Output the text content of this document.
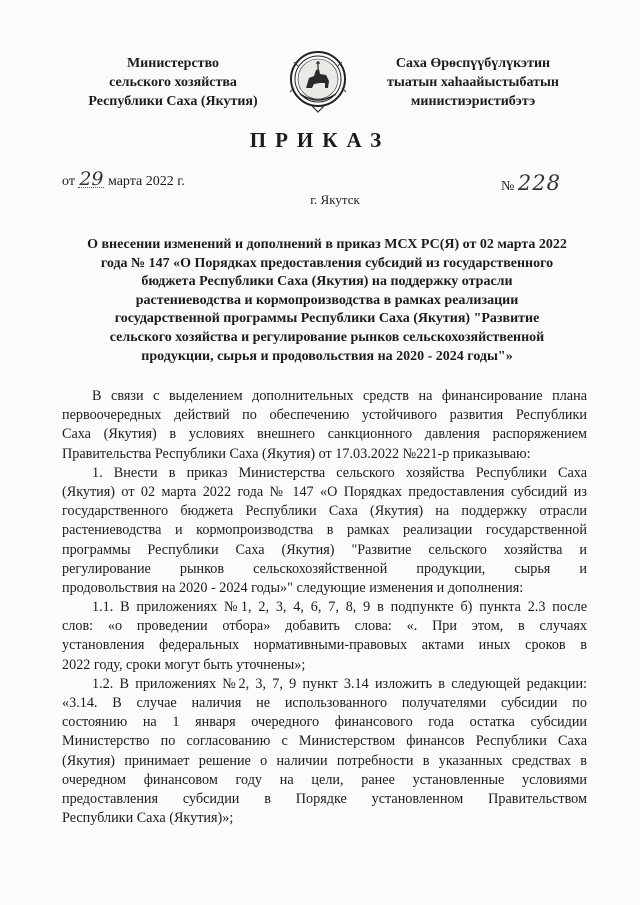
Министерство
сельского хозяйства
Республики Саха (Якутия)
Саха Өрөспүүбүлүкэтин
тыатын хаһаайыстыбатын
министиэристибэтэ
ПРИКАЗ
от 29 марта 2022 г.	№ 228
г. Якутск
О внесении изменений и дополнений в приказ МСХ РС(Я) от 02 марта 2022
года № 147 «О Порядках предоставления субсидий из государственного
бюджета Республики Саха (Якутия) на поддержку отрасли
растениеводства и кормопроизводства в рамках реализации
государственной программы Республики Саха (Якутия) "Развитие
сельского хозяйства и регулирование рынков сельскохозяйственной
продукции, сырья и продовольствия на 2020 - 2024 годы"»
В связи с выделением дополнительных средств на финансирование плана
первоочередных действий по обеспечению устойчивого развития Республики
Саха (Якутия) в условиях внешнего санкционного давления распоряжением
Правительства Республики Саха (Якутия) от 17.03.2022 №221-р приказываю:
1. Внести в приказ Министерства сельского хозяйства Республики Саха
(Якутия) от 02 марта 2022 года № 147 «О Порядках предоставления субсидий из
государственного бюджета Республики Саха (Якутия) на поддержку отрасли
растениеводства и кормопроизводства в рамках реализации государственной
программы Республики Саха (Якутия) "Развитие сельского хозяйства и
регулирование рынков сельскохозяйственной продукции, сырья и
продовольствия на 2020 - 2024 годы»" следующие изменения и дополнения:
1.1. В приложениях №1, 2, 3, 4, 6, 7, 8, 9 в подпункте б) пункта 2.3 после
слов: «о проведении отбора» добавить слова: «. При этом, в случаях
установления федеральных нормативными-правовых актами иных сроков в
2022 году, сроки могут быть уточнены»;
1.2. В приложениях №2, 3, 7, 9 пункт 3.14 изложить в следующей редакции:
«3.14. В случае наличия не использованного получателями субсидии по
состоянию на 1 января очередного финансового года остатка субсидии
Министерство по согласованию с Министерством финансов Республики Саха
(Якутия) принимает решение о наличии потребности в указанных средствах в
очередном финансовом году на цели, ранее установленные условиями
предоставления субсидии в Порядке установленном Правительством
Республики Саха (Якутия)»;
